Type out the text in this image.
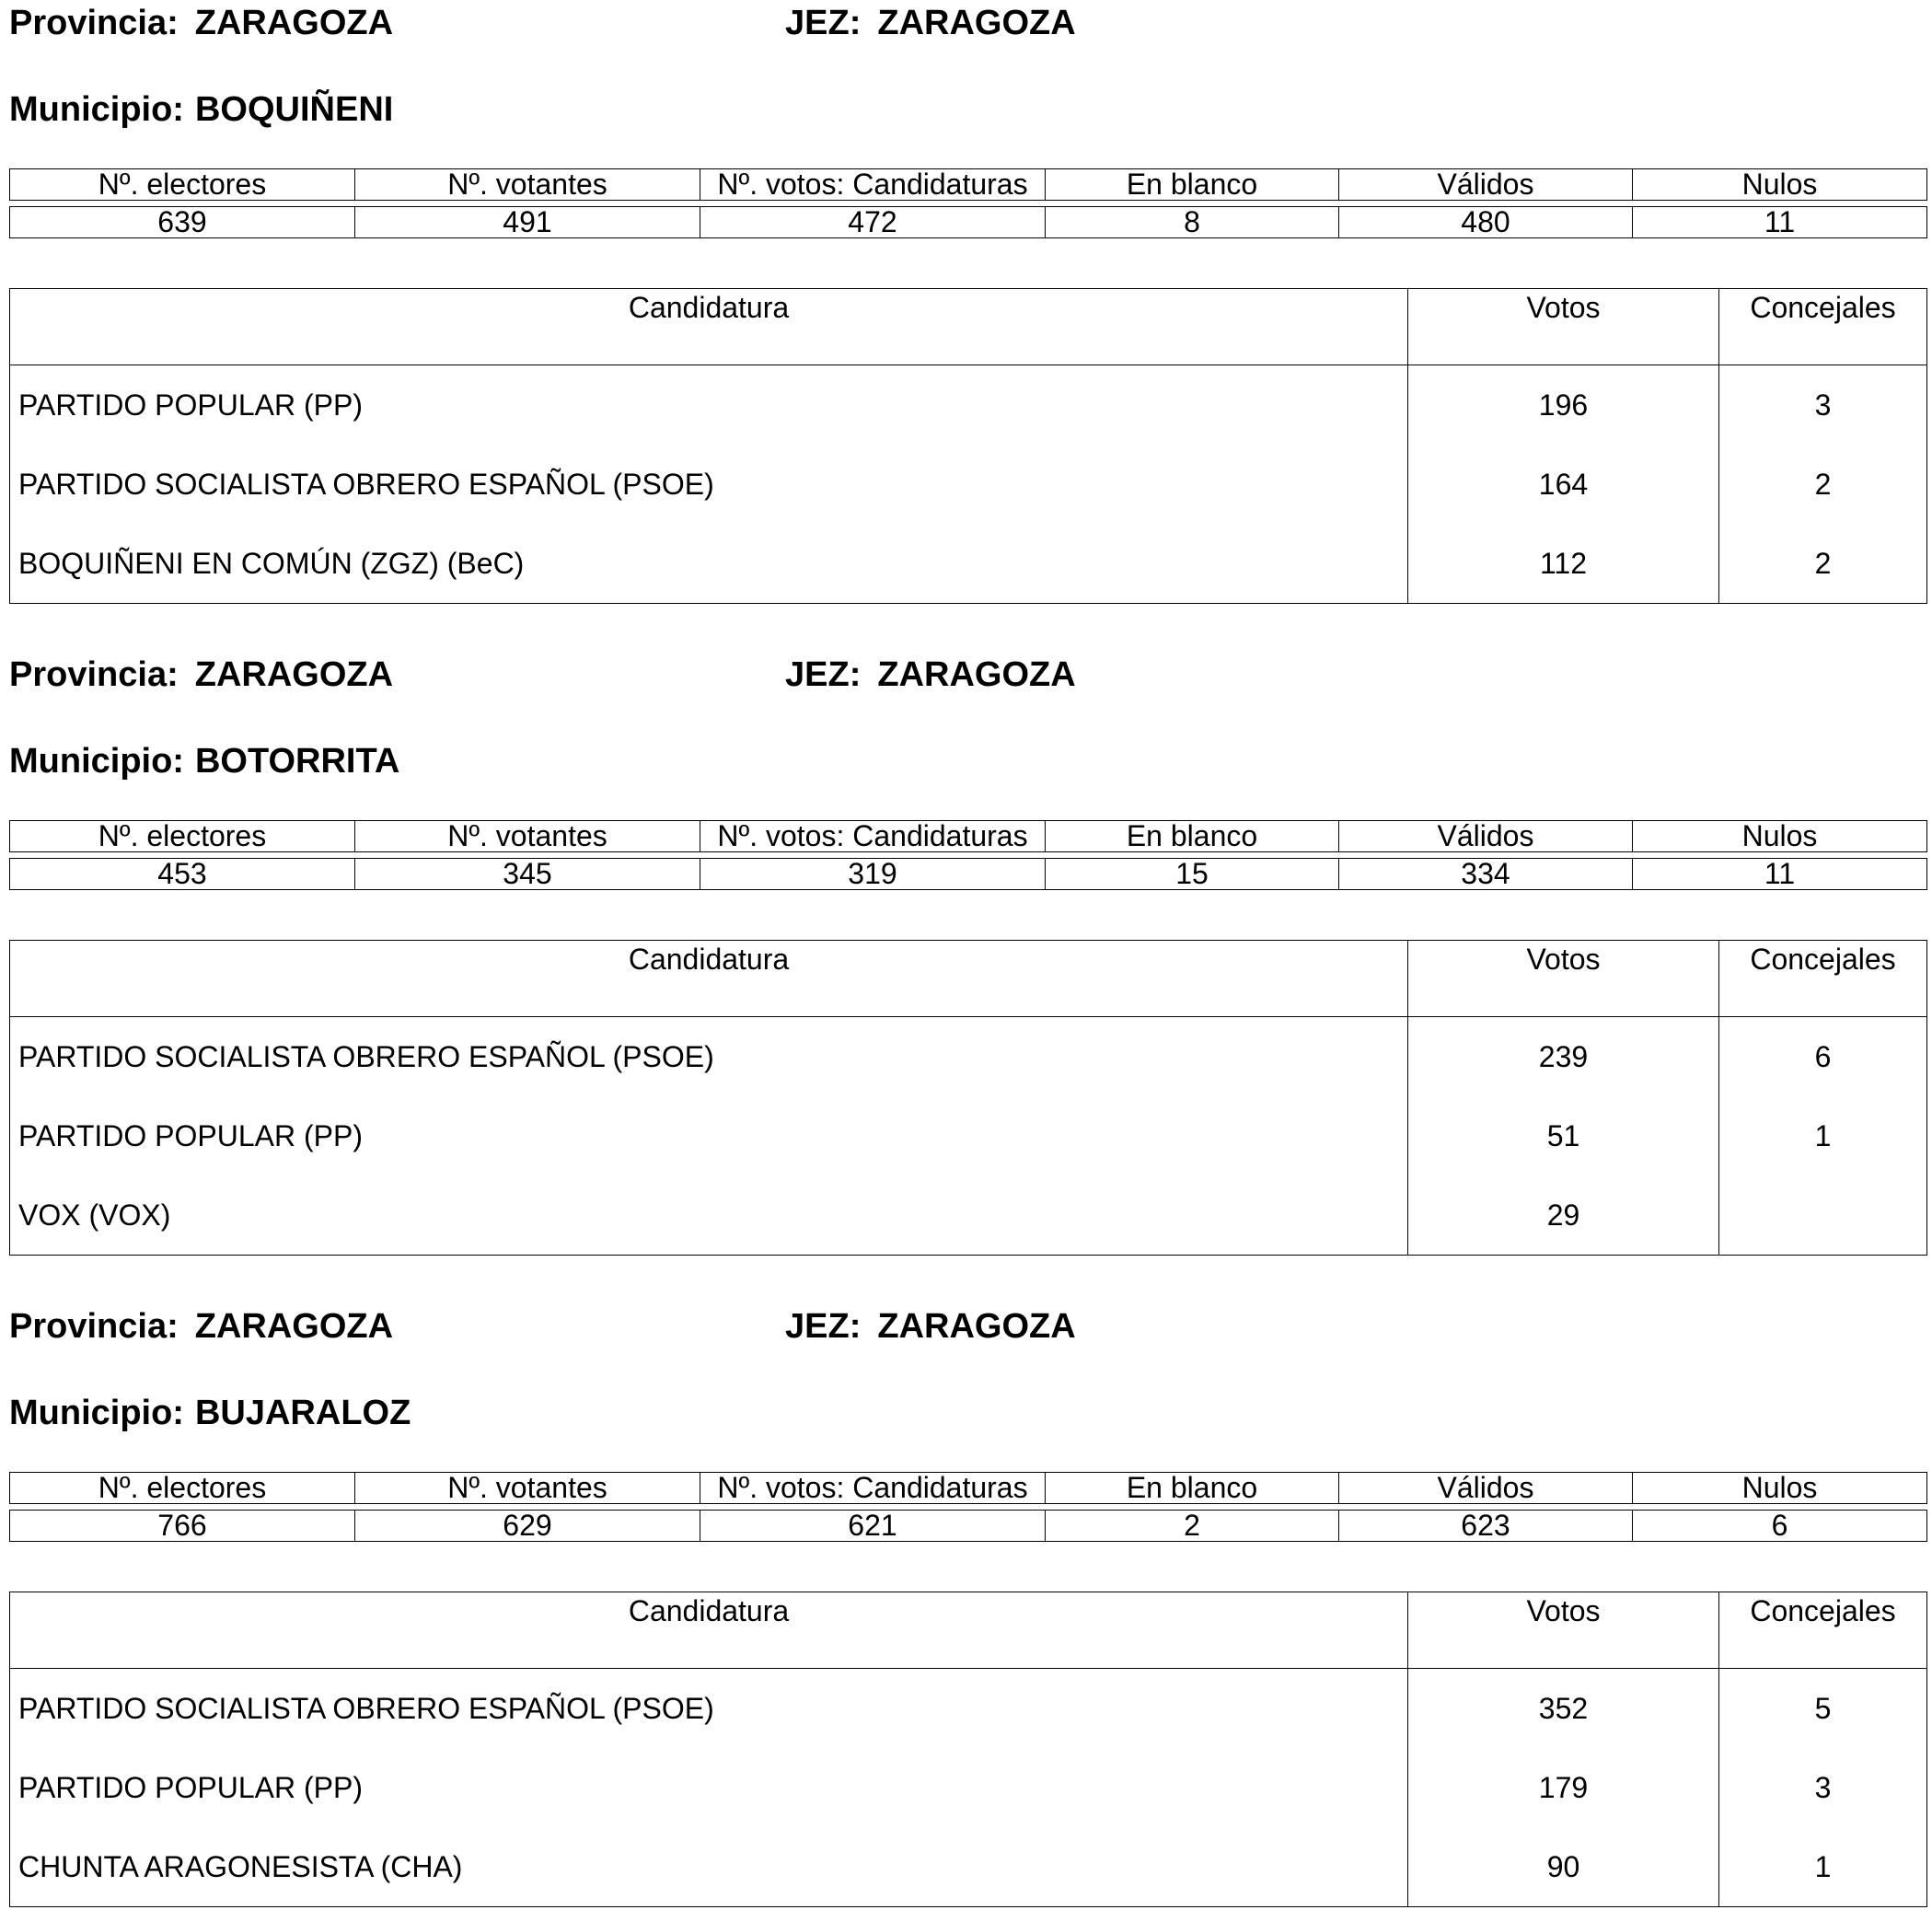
Provincia: ZARAGOZA	JEZ: ZARAGOZA
Municipio: BOQUIÑENI
Nº. electores	Nº. votantes	Nº. votos: Candidaturas	En blanco	Válidos	Nulos

639	491	472	8	480	11
Candidatura	Votos	Concejales
PARTIDO POPULAR (PP)	196	3
PARTIDO SOCIALISTA OBRERO ESPAÑOL (PSOE)	164	2
BOQUIÑENI EN COMÚN (ZGZ) (BeC)	112	2
Provincia: ZARAGOZA	JEZ: ZARAGOZA
Municipio: BOTORRITA
Nº. electores	Nº. votantes	Nº. votos: Candidaturas	En blanco	Válidos	Nulos

453	345	319	15	334	11
Candidatura	Votos	Concejales
PARTIDO SOCIALISTA OBRERO ESPAÑOL (PSOE)	239	6
PARTIDO POPULAR (PP)	51	1
VOX (VOX)	29	
Provincia: ZARAGOZA	JEZ: ZARAGOZA
Municipio: BUJARALOZ
Nº. electores	Nº. votantes	Nº. votos: Candidaturas	En blanco	Válidos	Nulos

766	629	621	2	623	6
Candidatura	Votos	Concejales
PARTIDO SOCIALISTA OBRERO ESPAÑOL (PSOE)	352	5
PARTIDO POPULAR (PP)	179	3
CHUNTA ARAGONESISTA (CHA)	90	1
